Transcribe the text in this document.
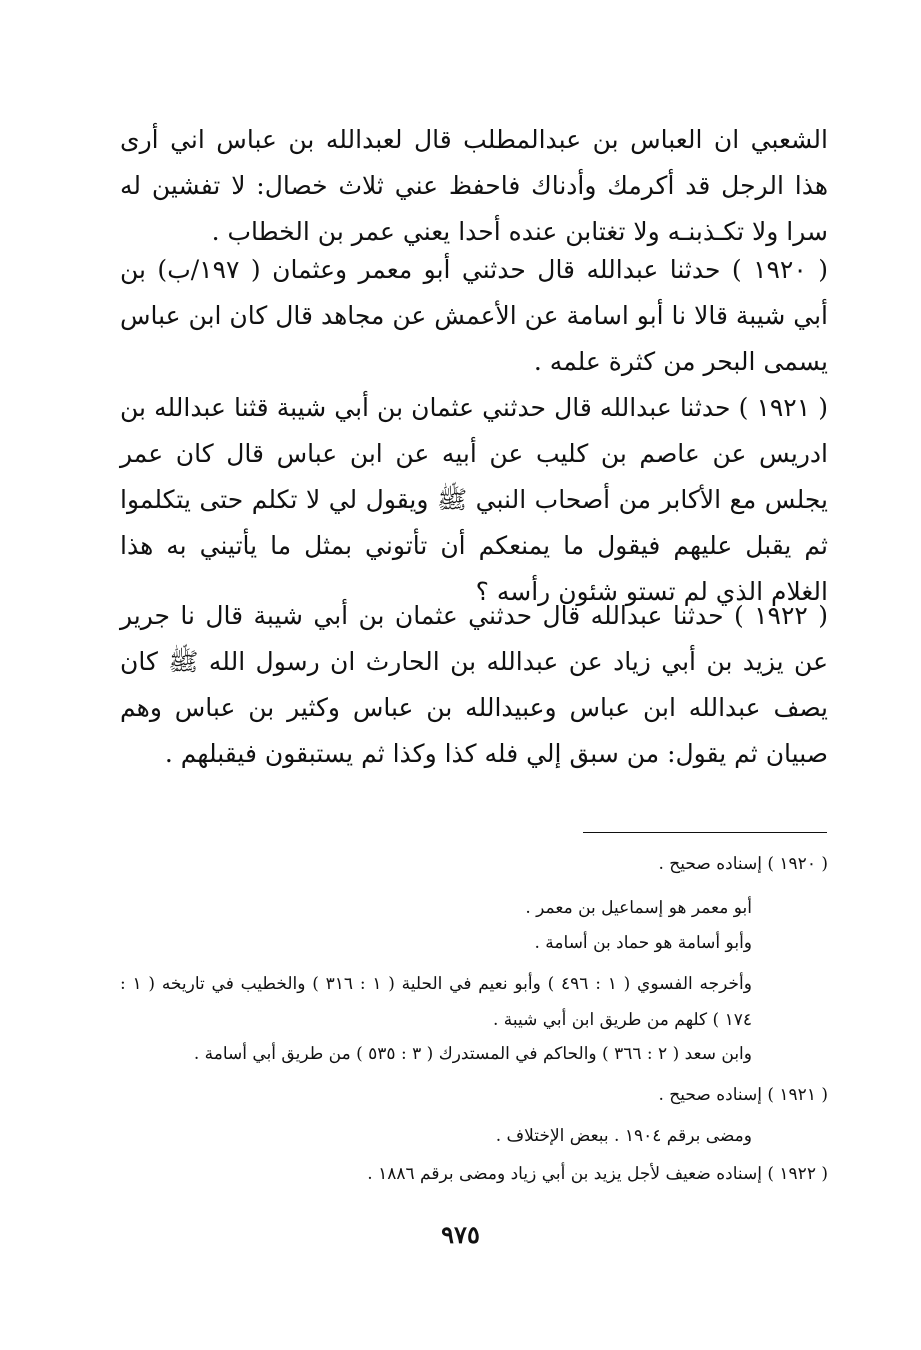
الشعبي ان العباس بن عبدالمطلب قال لعبدالله بن عباس اني أرى هذا الرجل قد أكرمك وأدناك فاحفظ عني ثلاث خصال: لا تفشين له سرا ولا تكـذبنـه ولا تغتابن عنده أحدا يعني عمر بن الخطاب .

( ١٩٢٠ ) حدثنا عبدالله قال حدثني أبو معمر وعثمان ( ١٩٧/ب) بن أبي شيبة قالا نا أبو اسامة عن الأعمش عن مجاهد قال كان ابن عباس يسمى البحر من كثرة علمه .

( ١٩٢١ ) حدثنا عبدالله قال حدثني عثمان بن أبي شيبة قثنا عبدالله بن ادريس عن عاصم بن كليب عن أبيه عن ابن عباس قال كان عمر يجلس مع الأكابر من أصحاب النبي ﷺ ويقول لي لا تكلم حتى يتكلموا ثم يقبل عليهم فيقول ما يمنعكم أن تأتوني بمثل ما يأتيني به هذا الغلام الذي لم تستو شئون رأسه ؟

( ١٩٢٢ ) حدثنا عبدالله قال حدثني عثمان بن أبي شيبة قال نا جرير عن يزيد بن أبي زياد عن عبدالله بن الحارث ان رسول الله ﷺ كان يصف عبدالله ابن عباس وعبيدالله بن عباس وكثير بن عباس وهم صبيان ثم يقول: من سبق إلي فله كذا وكذا ثم يستبقون فيقبلهم .

( ١٩٢٠ ) إسناده صحيح .

أبو معمر هو إسماعيل بن معمر .

وأبو أسامة هو حماد بن أسامة .

وأخرجه الفسوي ( ١ : ٤٩٦ ) وأبو نعيم في الحلية ( ١ : ٣١٦ ) والخطيب في تاريخه ( ١ : ١٧٤ ) كلهم من طريق ابن أبي شيبة .

وابن سعد ( ٢ : ٣٦٦ ) والحاكم في المستدرك ( ٣ : ٥٣٥ ) من طريق أبي أسامة .

( ١٩٢١ ) إسناده صحيح .

ومضى برقم ١٩٠٤ . ببعض الإختلاف .

( ١٩٢٢ ) إسناده ضعيف لأجل يزيد بن أبي زياد ومضى برقم ١٨٨٦ .

٩٧٥
